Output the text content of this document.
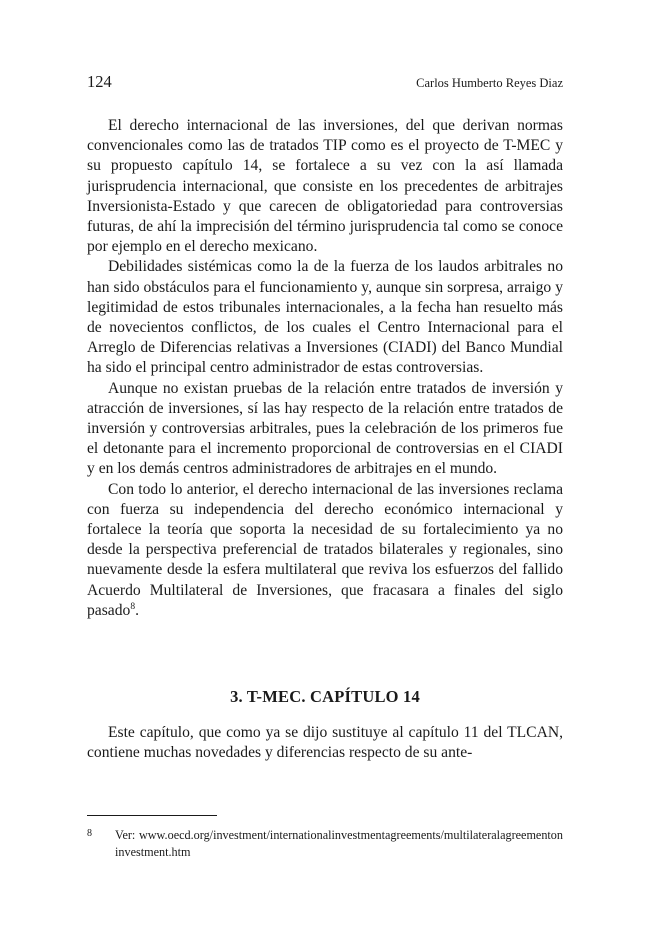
124	Carlos Humberto Reyes Diaz

El derecho internacional de las inversiones, del que derivan normas convencionales como las de tratados TIP como es el proyecto de T-MEC y su propuesto capítulo 14, se fortalece a su vez con la así llamada jurisprudencia internacional, que consiste en los precedentes de arbitrajes Inversionista-Estado y que carecen de obligatoriedad para controversias futuras, de ahí la imprecisión del término jurisprudencia tal como se conoce por ejemplo en el derecho mexicano.

Debilidades sistémicas como la de la fuerza de los laudos arbitrales no han sido obstáculos para el funcionamiento y, aunque sin sorpresa, arraigo y legitimidad de estos tribunales internacionales, a la fecha han resuelto más de novecientos conflictos, de los cuales el Centro Internacional para el Arreglo de Diferencias relativas a Inversiones (CIADI) del Banco Mundial ha sido el principal centro administrador de estas controversias.

Aunque no existan pruebas de la relación entre tratados de inversión y atracción de inversiones, sí las hay respecto de la relación entre tratados de inversión y controversias arbitrales, pues la celebración de los primeros fue el detonante para el incremento proporcional de controversias en el CIADI y en los demás centros administradores de arbitrajes en el mundo.

Con todo lo anterior, el derecho internacional de las inversiones reclama con fuerza su independencia del derecho económico internacional y fortalece la teoría que soporta la necesidad de su fortalecimiento ya no desde la perspectiva preferencial de tratados bilaterales y regionales, sino nuevamente desde la esfera multilateral que reviva los esfuerzos del fallido Acuerdo Multilateral de Inversiones, que fracasara a finales del siglo pasado$^8$.

3. T-MEC. CAPÍTULO 14

Este capítulo, que como ya se dijo sustituye al capítulo 11 del TLCAN, contiene muchas novedades y diferencias respecto de su ante-

8 Ver: www.oecd.org/investment/internationalinvestmentagreements/multilateralagreementoninvestment.htm
